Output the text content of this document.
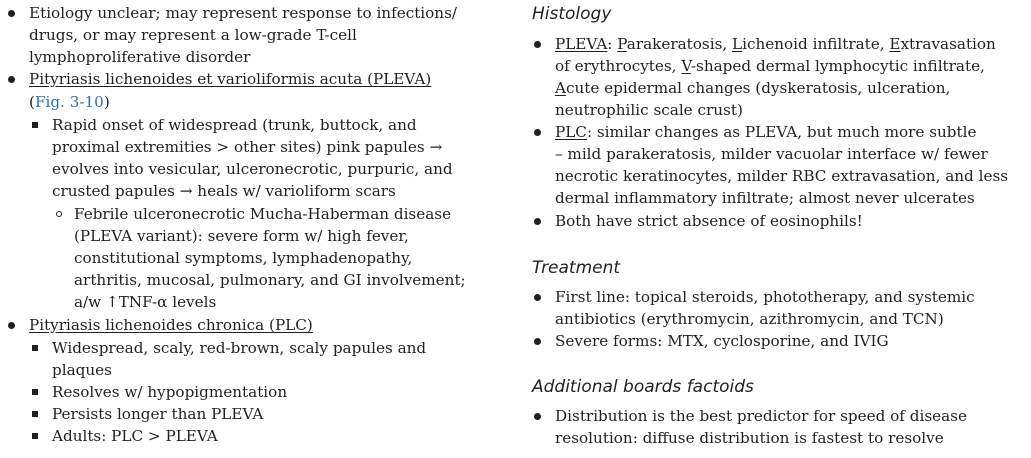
Etiology unclear; may represent response to infections/
drugs, or may represent a low-grade T-cell
lymphoproliferative disorder
Pityriasis lichenoides et varioliformis acuta (PLEVA)
(Fig. 3-10)
Rapid onset of widespread (trunk, buttock, and
proximal extremities > other sites) pink papules →
evolves into vesicular, ulceronecrotic, purpuric, and
crusted papules → heals w/ varioliform scars
Febrile ulceronecrotic Mucha-Haberman disease
(PLEVA variant): severe form w/ high fever,
constitutional symptoms, lymphadenopathy,
arthritis, mucosal, pulmonary, and GI involvement;
a/w ↑TNF-α levels
Pityriasis lichenoides chronica (PLC)
Widespread, scaly, red-brown, scaly papules and
plaques
Resolves w/ hypopigmentation
Persists longer than PLEVA
Adults: PLC > PLEVA
Histology
PLEVA: Parakeratosis, Lichenoid infiltrate, Extravasation
of erythrocytes, V-shaped dermal lymphocytic infiltrate,
Acute epidermal changes (dyskeratosis, ulceration,
neutrophilic scale crust)
PLC: similar changes as PLEVA, but much more subtle
– mild parakeratosis, milder vacuolar interface w/ fewer
necrotic keratinocytes, milder RBC extravasation, and less
dermal inflammatory infiltrate; almost never ulcerates
Both have strict absence of eosinophils!
Treatment
First line: topical steroids, phototherapy, and systemic
antibiotics (erythromycin, azithromycin, and TCN)
Severe forms: MTX, cyclosporine, and IVIG
Additional boards factoids
Distribution is the best predictor for speed of disease
resolution: diffuse distribution is fastest to resolve
